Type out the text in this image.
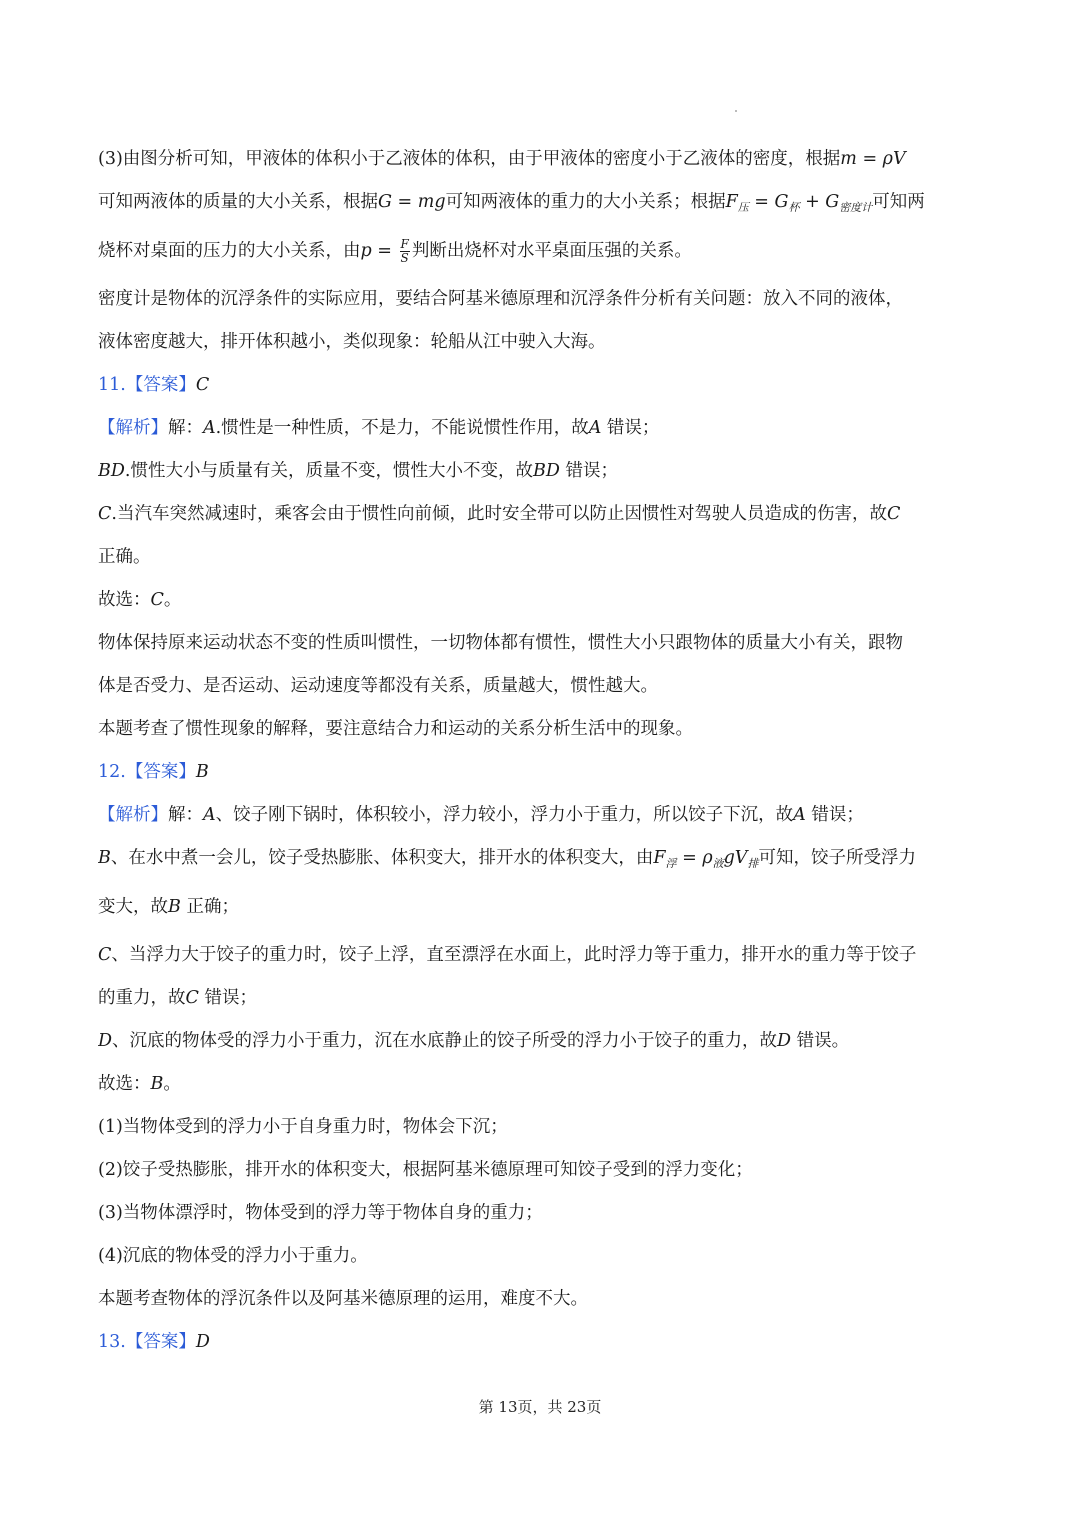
(3)由图分析可知，甲液体的体积小于乙液体的体积，由于甲液体的密度小于乙液体的密度，根据m = ρV
可知两液体的质量的大小关系，根据G = mg可知两液体的重力的大小关系；根据$F_压 = G_杯 + G_{密度计}$可知两
烧杯对桌面的压力的大小关系，由$p = \frac{F}{S}$ 判断出烧杯对水平桌面压强的关系。
密度计是物体的沉浮条件的实际应用，要结合阿基米德原理和沉浮条件分析有关问题：放入不同的液体，
液体密度越大，排开体积越小，类似现象：轮船从江中驶入大海。
11.【答案】C
【解析】解：A.惯性是一种性质，不是力，不能说惯性作用，故A 错误；
BD.惯性大小与质量有关，质量不变，惯性大小不变，故BD 错误；
C.当汽车突然减速时，乘客会由于惯性向前倾，此时安全带可以防止因惯性对驾驶人员造成的伤害，故C
正确。
故选：C。
物体保持原来运动状态不变的性质叫惯性，一切物体都有惯性，惯性大小只跟物体的质量大小有关，跟物
体是否受力、是否运动、运动速度等都没有关系，质量越大，惯性越大。
本题考查了惯性现象的解释，要注意结合力和运动的关系分析生活中的现象。
12.【答案】B
【解析】解：A、饺子刚下锅时，体积较小，浮力较小，浮力小于重力，所以饺子下沉，故A 错误；
B、在水中煮一会儿，饺子受热膨胀、体积变大，排开水的体积变大，由$F_浮 = \rho_液gV_排$可知，饺子所受浮力
变大，故B 正确；
C、当浮力大于饺子的重力时，饺子上浮，直至漂浮在水面上，此时浮力等于重力，排开水的重力等于饺子
的重力，故C 错误；
D、沉底的物体受的浮力小于重力，沉在水底静止的饺子所受的浮力小于饺子的重力，故D 错误。
故选：B。
(1)当物体受到的浮力小于自身重力时，物体会下沉；
(2)饺子受热膨胀，排开水的体积变大，根据阿基米德原理可知饺子受到的浮力变化；
(3)当物体漂浮时，物体受到的浮力等于物体自身的重力；
(4)沉底的物体受的浮力小于重力。
本题考查物体的浮沉条件以及阿基米德原理的运用，难度不大。
13.【答案】D
第 13页，共 23页
